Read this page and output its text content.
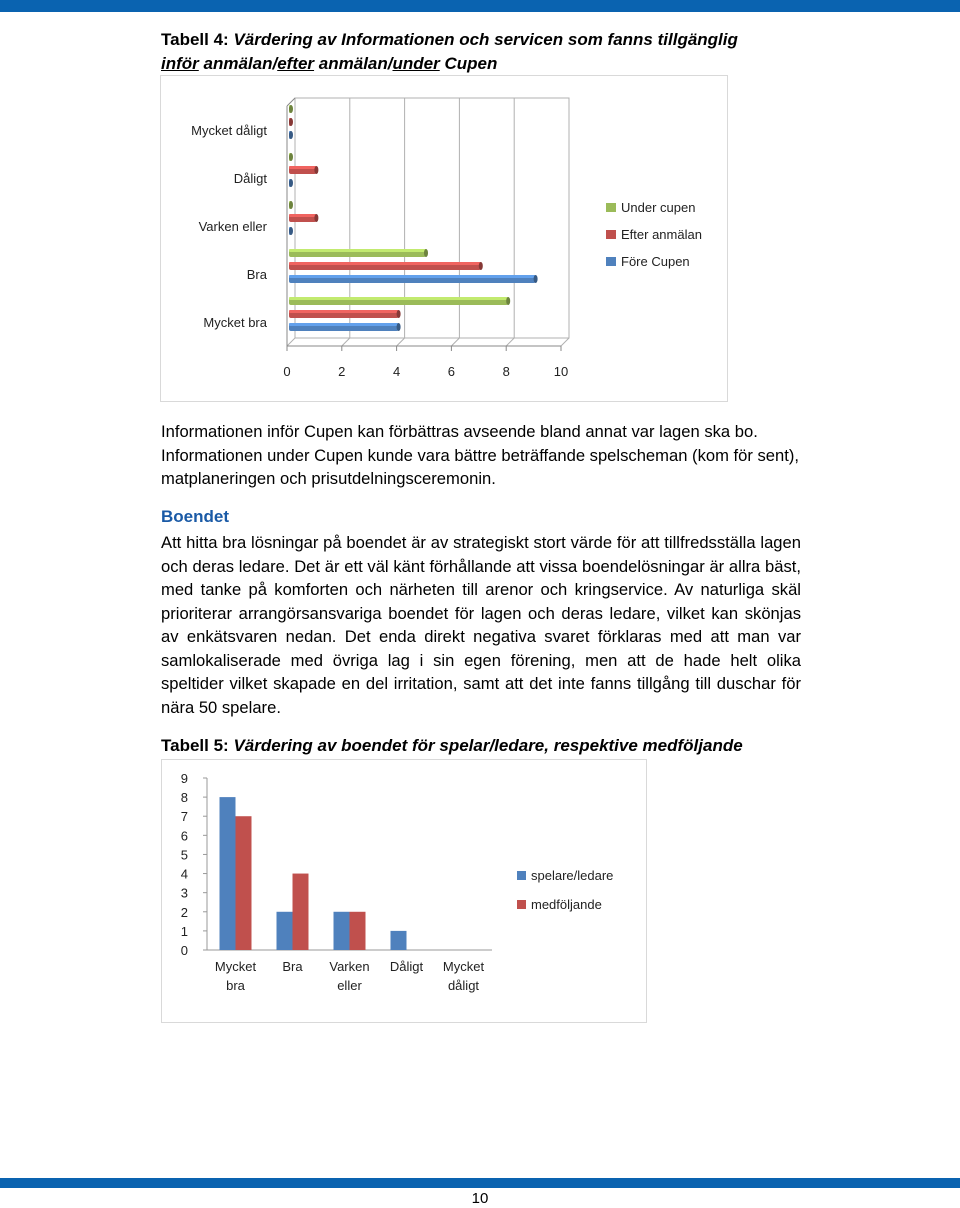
Tabell 4: Värdering av Informationen och servicen som fanns tillgänglig
inför anmälan/efter anmälan/under Cupen
0	2	4	6	8	10
Mycket dåligt
Dåligt
Varken eller
Bra
Mycket bra
Under cupen
Efter anmälan
Före Cupen
Informationen inför Cupen kan förbättras avseende bland annat var lagen ska bo. Informationen under Cupen kunde vara bättre beträffande spelscheman (kom för sent), matplaneringen och prisutdelningsceremonin.
Boendet
Att hitta bra lösningar på boendet är av strategiskt stort värde för att tillfredsställa lagen och deras ledare. Det är ett väl känt förhållande att vissa boendelösningar är allra bäst, med tanke på komforten och närheten till arenor och kringservice. Av naturliga skäl prioriterar arrangörsansvariga boendet för lagen och deras ledare, vilket kan skönjas av enkätsvaren nedan. Det enda direkt negativa svaret förklaras med att man var samlokaliserade med övriga lag i sin egen förening, men att de hade helt olika speltider vilket skapade en del irritation, samt att det inte fanns tillgång till duschar för nära 50 spelare.
Tabell 5: Värdering av boendet för spelar/ledare, respektive medföljande
0
1
2
3
4
5
6
7
8
9
Mycket
bra
Bra Varken
eller
Dåligt Mycket
dåligt
spelare/ledare
medföljande
10
